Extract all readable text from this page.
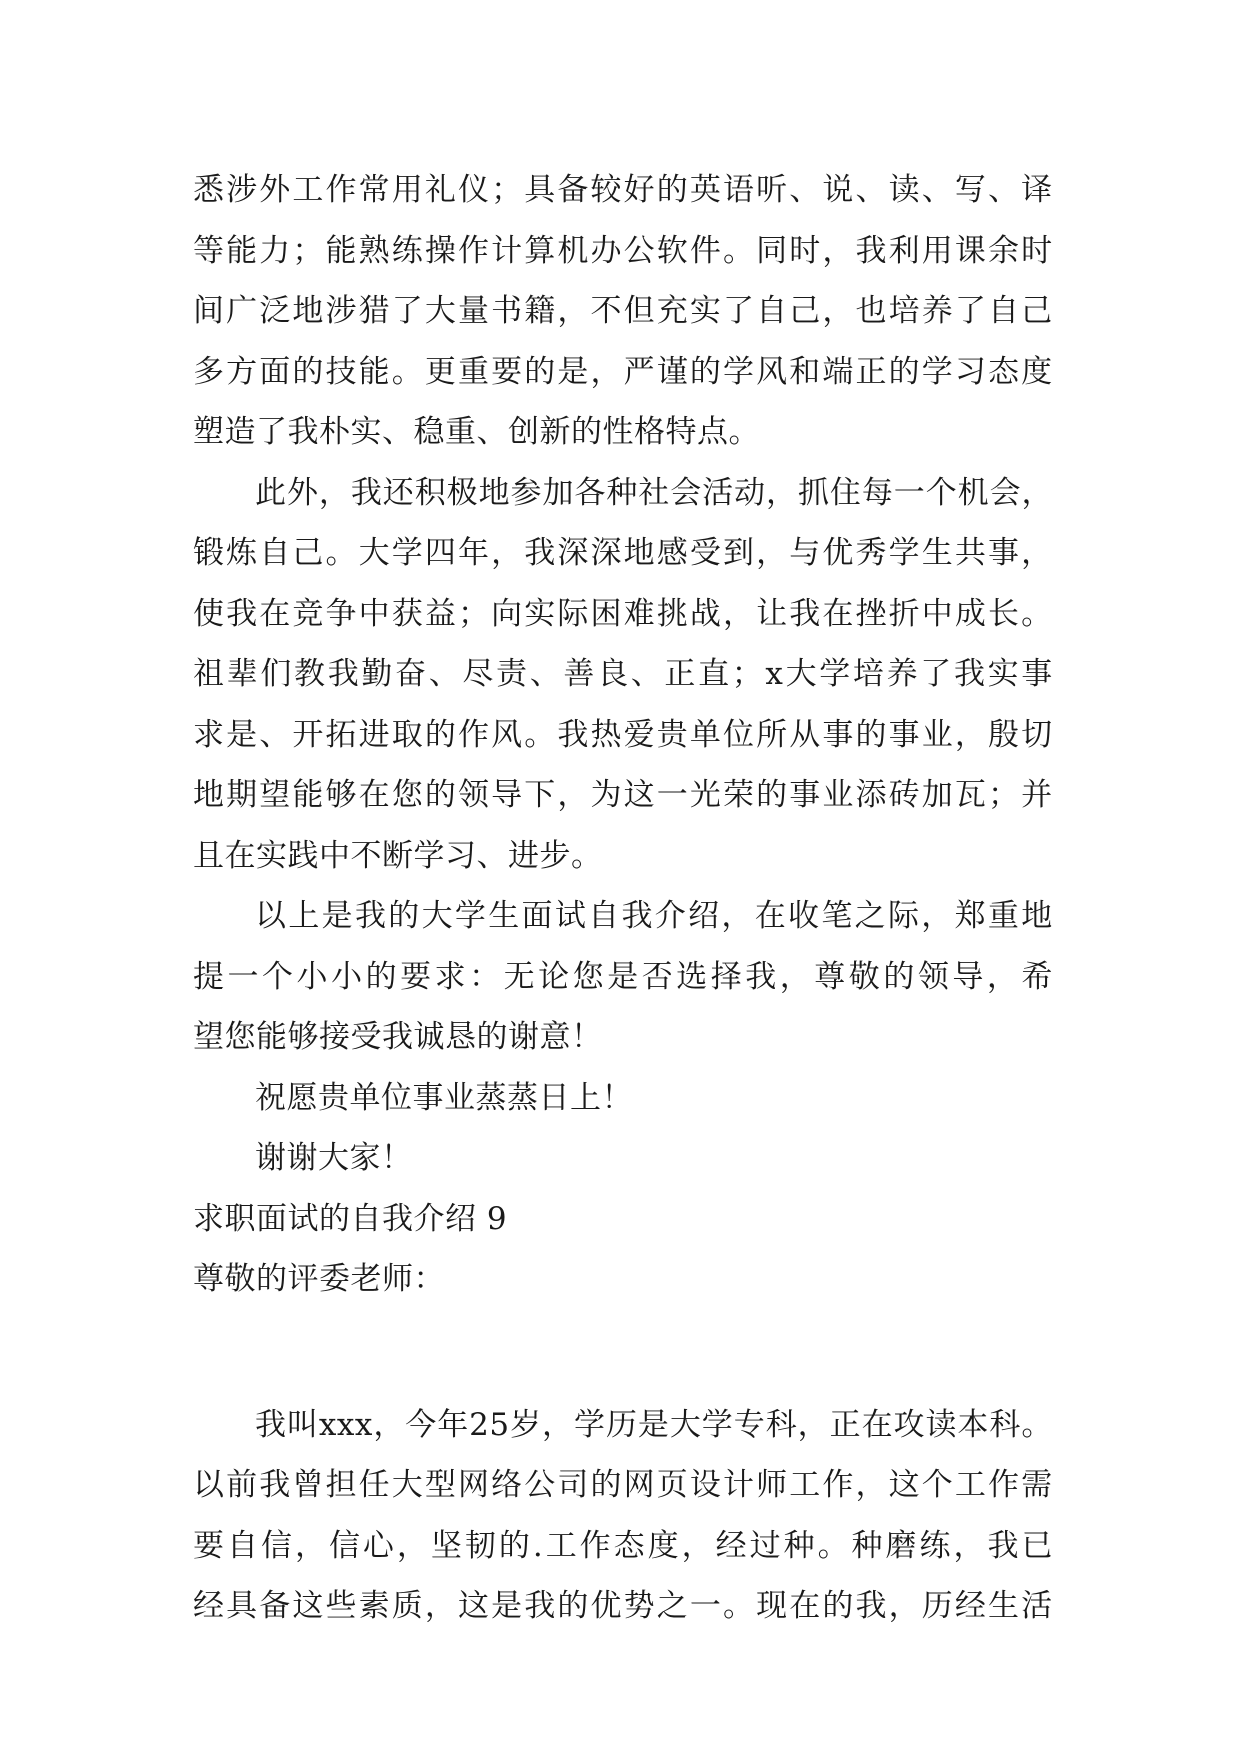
悉 涉 外 工 作 常 用 礼 仪 ； 具 备 较 好 的 英 语 听 、 说 、 读 、 写 、 译
等 能 力 ； 能 熟 练 操 作 计 算 机 办 公 软 件 。 同 时 ， 我 利 用 课 余 时
间 广 泛 地 涉 猎 了 大 量 书 籍 ， 不 但 充 实 了 自 己 ， 也 培 养 了 自 己
多 方 面 的 技 能 。 更 重 要 的 是 ， 严 谨 的 学 风 和 端 正 的 学 习 态 度
塑造了我朴实、稳重、创新的性格特点。
此 外 ， 我 还 积 极 地 参 加 各 种 社 会 活 动 ， 抓 住 每 一 个 机 会 ，
锻 炼 自 己 。 大 学 四 年 ， 我 深 深 地 感 受 到 ， 与 优 秀 学 生 共 事 ，
使 我 在 竞 争 中 获 益 ； 向 实 际 困 难 挑 战 ， 让 我 在 挫 折 中 成 长 。
祖 辈 们 教 我 勤 奋 、 尽 责 、 善 良 、 正 直 ； x 大 学 培 养 了 我 实 事
求 是 、 开 拓 进 取 的 作 风 。 我 热 爱 贵 单 位 所 从 事 的 事 业 ， 殷 切
地 期 望 能 够 在 您 的 领 导 下 ， 为 这 一 光 荣 的 事 业 添 砖 加 瓦 ； 并
且在实践中不断学习、进步。
以 上 是 我 的 大 学 生 面 试 自 我 介 绍 ， 在 收 笔 之 际 ， 郑 重 地
提 一 个 小 小 的 要 求 ： 无 论 您 是 否 选 择 我 ， 尊 敬 的 领 导 ， 希
望您能够接受我诚恳的谢意！
祝愿贵单位事业蒸蒸日上！
谢谢大家！
求职面试的自我介绍 9
尊敬的评委老师：
我 叫 xxx ， 今 年 25 岁 ， 学 历 是 大 学 专 科 ， 正 在 攻 读 本 科 。
以 前 我 曾 担 任 大 型 网 络 公 司 的 网 页 设 计 师 工 作 ， 这 个 工 作 需
要 自 信 ， 信 心 ， 坚 韧 的 . 工 作 态 度 ， 经 过 种 。 种 磨 练 ， 我 已
经 具 备 这 些 素 质 ， 这 是 我 的 优 势 之 一 。 现 在 的 我 ， 历 经 生 活
